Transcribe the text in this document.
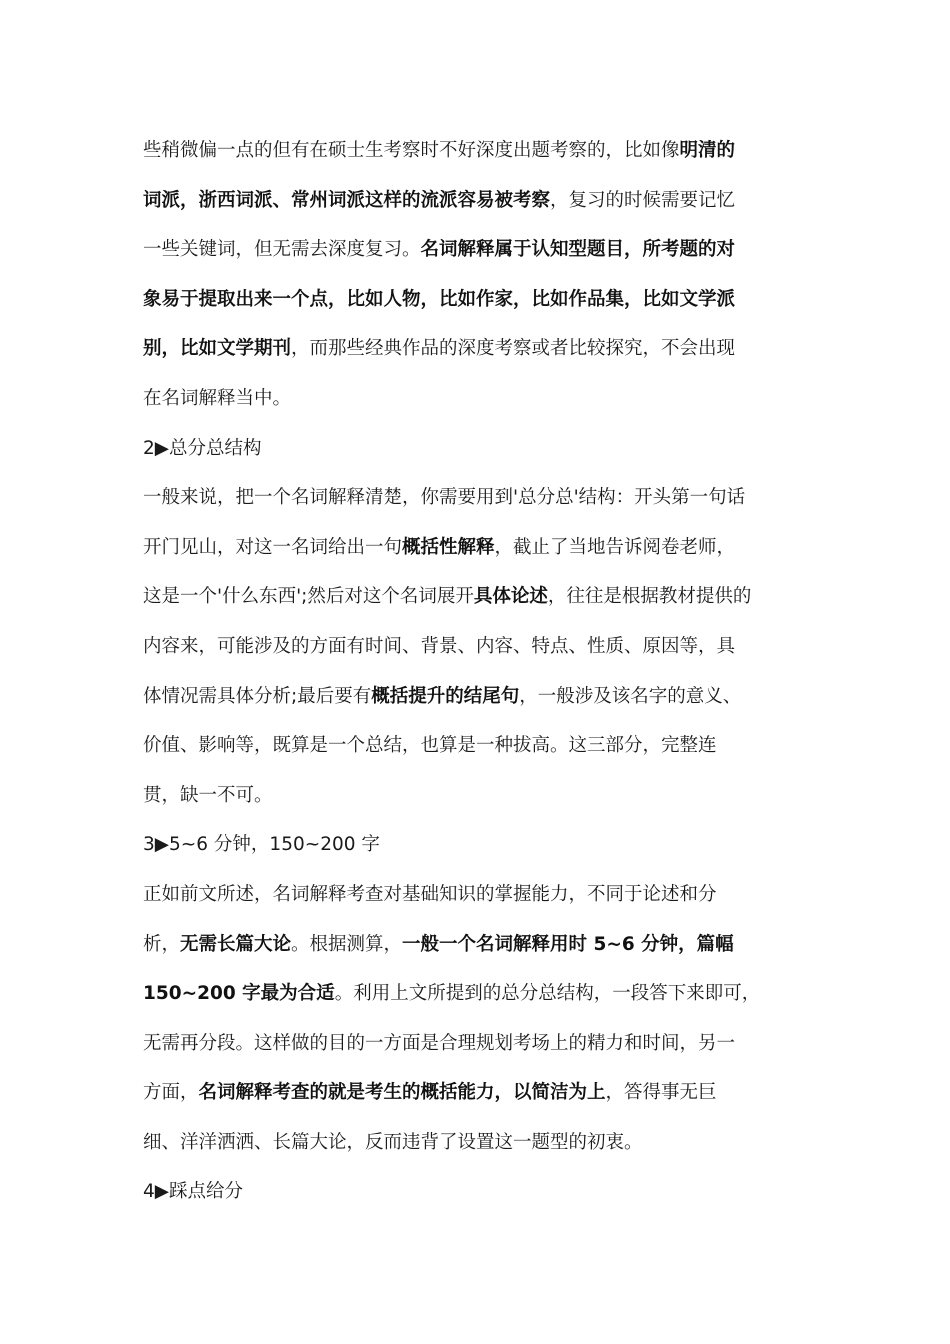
些稍微偏一点的但有在硕士生考察时不好深度出题考察的，比如像明清的
词派，浙西词派、常州词派这样的流派容易被考察，复习的时候需要记忆
一些关键词，但无需去深度复习。名词解释属于认知型题目，所考题的对
象易于提取出来一个点，比如人物，比如作家，比如作品集，比如文学派
别，比如文学期刊，而那些经典作品的深度考察或者比较探究，不会出现
在名词解释当中。
2▶总分总结构
一般来说，把一个名词解释清楚，你需要用到'总分总'结构：开头第一句话
开门见山，对这一名词给出一句概括性解释，截止了当地告诉阅卷老师，
这是一个'什么东西';然后对这个名词展开具体论述，往往是根据教材提供的
内容来，可能涉及的方面有时间、背景、内容、特点、性质、原因等，具
体情况需具体分析;最后要有概括提升的结尾句，一般涉及该名字的意义、
价值、影响等，既算是一个总结，也算是一种拔高。这三部分，完整连
贯，缺一不可。
3▶5~6 分钟，150~200 字
正如前文所述，名词解释考查对基础知识的掌握能力，不同于论述和分
析，无需长篇大论。根据测算，一般一个名词解释用时 5~6 分钟，篇幅
150~200 字最为合适。利用上文所提到的总分总结构，一段答下来即可，
无需再分段。这样做的目的一方面是合理规划考场上的精力和时间，另一
方面，名词解释考查的就是考生的概括能力，以简洁为上，答得事无巨
细、洋洋洒洒、长篇大论，反而违背了设置这一题型的初衷。
4▶踩点给分
